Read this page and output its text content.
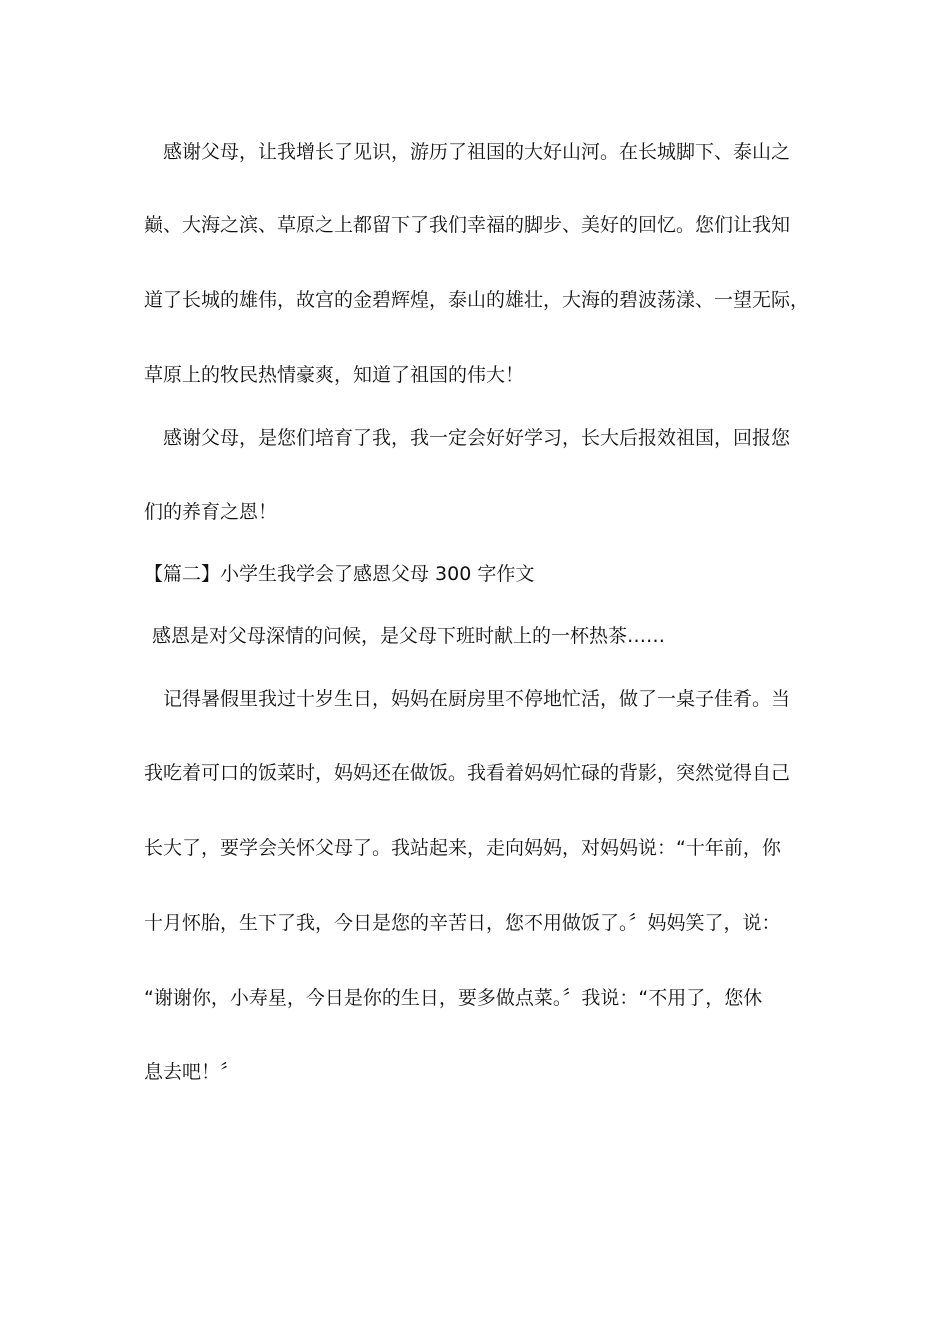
感谢父母，让我增长了见识，游历了祖国的大好山河。在长城脚下、泰山之
巅、大海之滨、草原之上都留下了我们幸福的脚步、美好的回忆。您们让我知
道了长城的雄伟，故宫的金碧辉煌，泰山的雄壮，大海的碧波荡漾、一望无际，
草原上的牧民热情豪爽，知道了祖国的伟大！
感谢父母，是您们培育了我，我一定会好好学习，长大后报效祖国，回报您
们的养育之恩！
【篇二】小学生我学会了感恩父母 300 字作文
感恩是对父母深情的问候，是父母下班时献上的一杯热茶……
记得暑假里我过十岁生日，妈妈在厨房里不停地忙活，做了一桌子佳肴。当
我吃着可口的饭菜时，妈妈还在做饭。我看着妈妈忙碌的背影，突然觉得自己
长大了，要学会关怀父母了。我站起来，走向妈妈，对妈妈说：“十年前，你
十月怀胎，生下了我，今日是您的辛苦日，您不用做饭了。〞妈妈笑了，说：
“谢谢你，小寿星，今日是你的生日，要多做点菜。〞我说：“不用了，您休
息去吧！〞
